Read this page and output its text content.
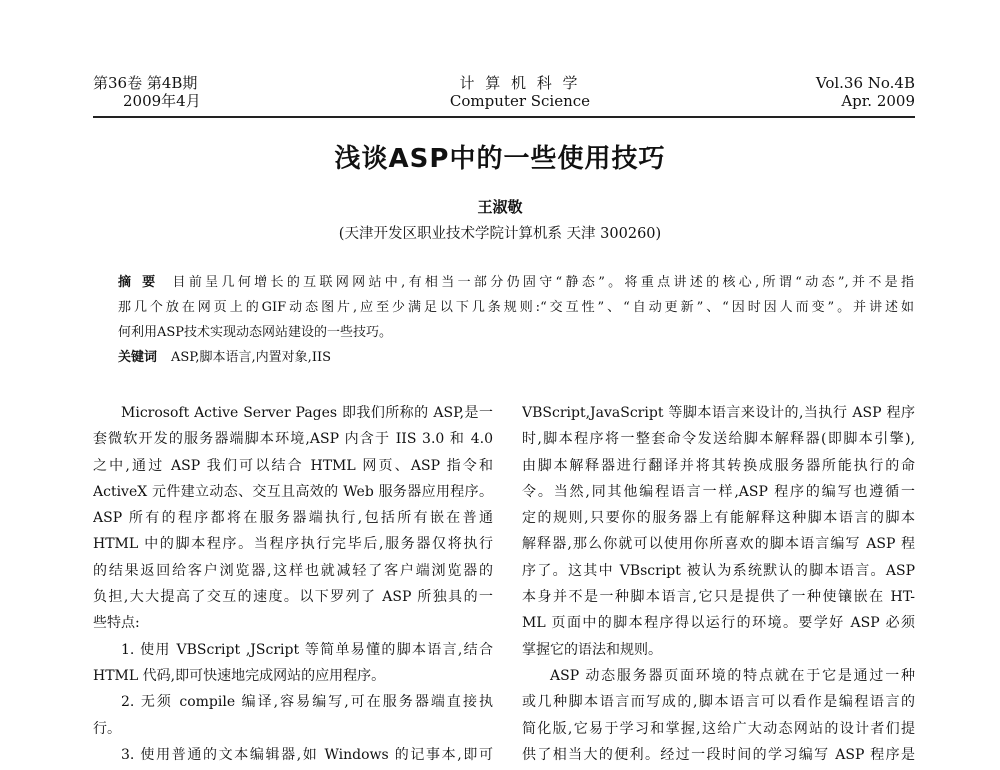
第36卷 第4B期
2009年4月
计 算 机 科 学
Computer Science
Vol.36 No.4B
Apr. 2009
浅谈ASP中的一些使用技巧
王淑敬
(天津开发区职业技术学院计算机系 天津 300260)
摘 要 目前呈几何增长的互联网网站中,有相当一部分仍固守“静态”。将重点讲述的核心,所谓“动态”,并不是指
那几个放在网页上的GIF动态图片,应至少满足以下几条规则:“交互性”、“自动更新”、“因时因人而变”。并讲述如
何利用ASP技术实现动态网站建设的一些技巧。
关键词 ASP,脚本语言,内置对象,IIS
Microsoft Active Server Pages 即我们所称的 ASP,是一
套微软开发的服务器端脚本环境,ASP 内含于 IIS 3.0 和 4.0
之中,通过 ASP 我们可以结合 HTML 网页、ASP 指令和
ActiveX 元件建立动态、交互且高效的 Web 服务器应用程序。
ASP 所有的程序都将在服务器端执行,包括所有嵌在普通
HTML 中的脚本程序。当程序执行完毕后,服务器仅将执行
的结果返回给客户浏览器,这样也就减轻了客户端浏览器的
负担,大大提高了交互的速度。以下罗列了 ASP 所独具的一
些特点:
1. 使用 VBScript ,JScript 等简单易懂的脚本语言,结合
HTML 代码,即可快速地完成网站的应用程序。
2. 无须 compile 编译,容易编写,可在服务器端直接执
行。
3. 使用普通的文本编辑器,如 Windows 的记事本,即可
VBScript,JavaScript 等脚本语言来设计的,当执行 ASP 程序
时,脚本程序将一整套命令发送给脚本解释器(即脚本引擎),
由脚本解释器进行翻译并将其转换成服务器所能执行的命
令。当然,同其他编程语言一样,ASP 程序的编写也遵循一
定的规则,只要你的服务器上有能解释这种脚本语言的脚本
解释器,那么你就可以使用你所喜欢的脚本语言编写 ASP 程
序了。这其中 VBscript 被认为系统默认的脚本语言。ASP
本身并不是一种脚本语言,它只是提供了一种使镶嵌在 HT-
ML 页面中的脚本程序得以运行的环境。要学好 ASP 必须
掌握它的语法和规则。
ASP 动态服务器页面环境的特点就在于它是通过一种
或几种脚本语言而写成的,脚本语言可以看作是编程语言的
简化版,它易于学习和掌握,这给广大动态网站的设计者们提
供了相当大的便利。经过一段时间的学习编写 ASP 程序是
